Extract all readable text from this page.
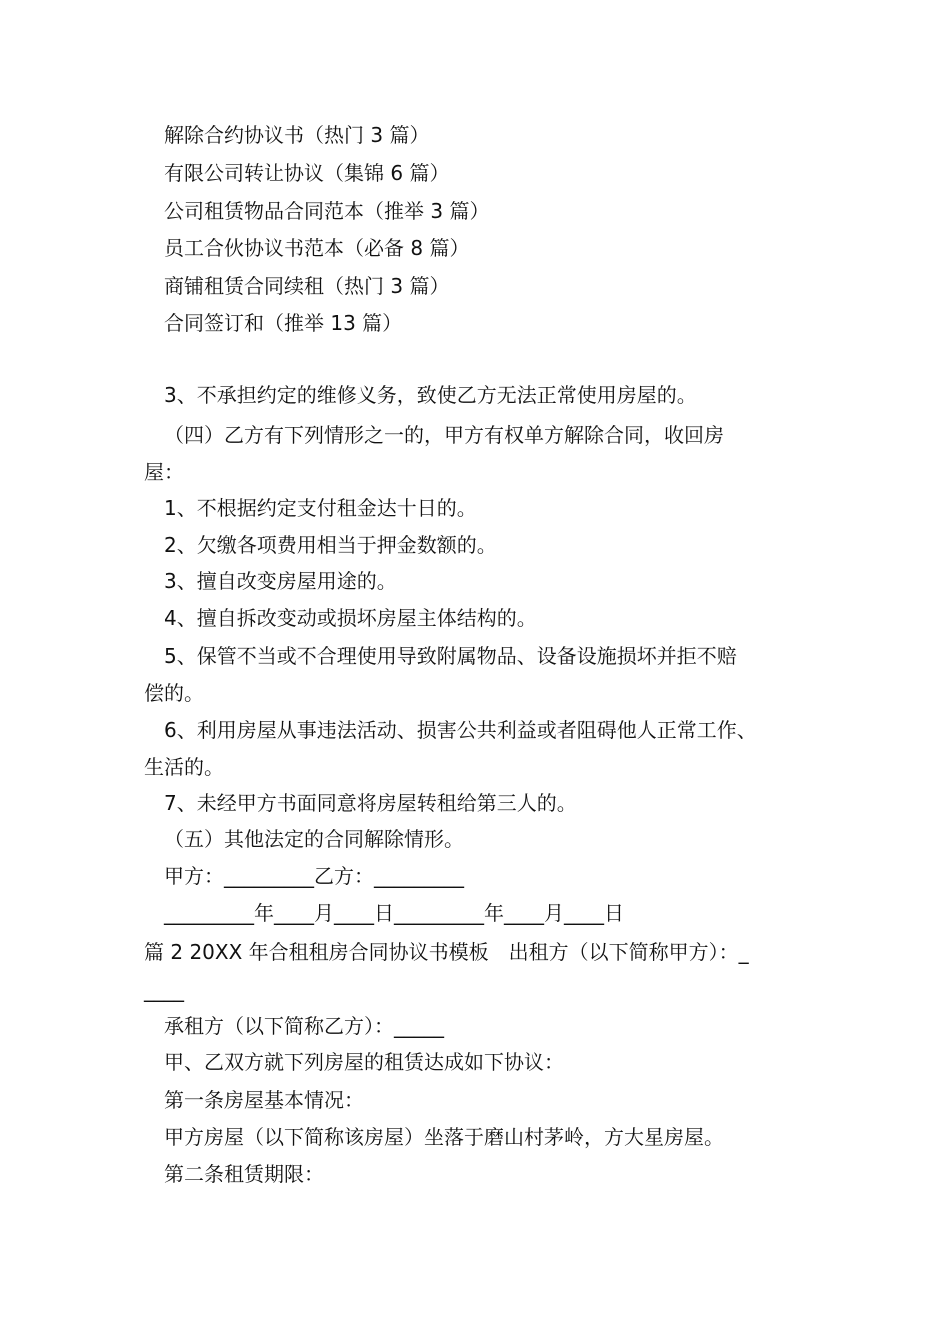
解除合约协议书（热门 3 篇）
有限公司转让协议（集锦 6 篇）
公司租赁物品合同范本（推举 3 篇）
员工合伙协议书范本（必备 8 篇）
商铺租赁合同续租（热门 3 篇）
合同签订和（推举 13 篇）
3、不承担约定的维修义务，致使乙方无法正常使用房屋的。
（四）乙方有下列情形之一的，甲方有权单方解除合同，收回房
屋：
1、不根据约定支付租金达十日的。
2、欠缴各项费用相当于押金数额的。
3、擅自改变房屋用途的。
4、擅自拆改变动或损坏房屋主体结构的。
5、保管不当或不合理使用导致附属物品、设备设施损坏并拒不赔
偿的。
6、利用房屋从事违法活动、损害公共利益或者阻碍他人正常工作、
生活的。
7、未经甲方书面同意将房屋转租给第三人的。
（五）其他法定的合同解除情形。
甲方：_________乙方：_________
_________年____月____日_________年____月____日
篇 2 20XX 年合租租房合同协议书模板　出租方（以下简称甲方）：_
____
承租方（以下简称乙方）：_____
甲、乙双方就下列房屋的租赁达成如下协议：
第一条房屋基本情况：
甲方房屋（以下简称该房屋）坐落于磨山村茅岭，方大星房屋。
第二条租赁期限：
